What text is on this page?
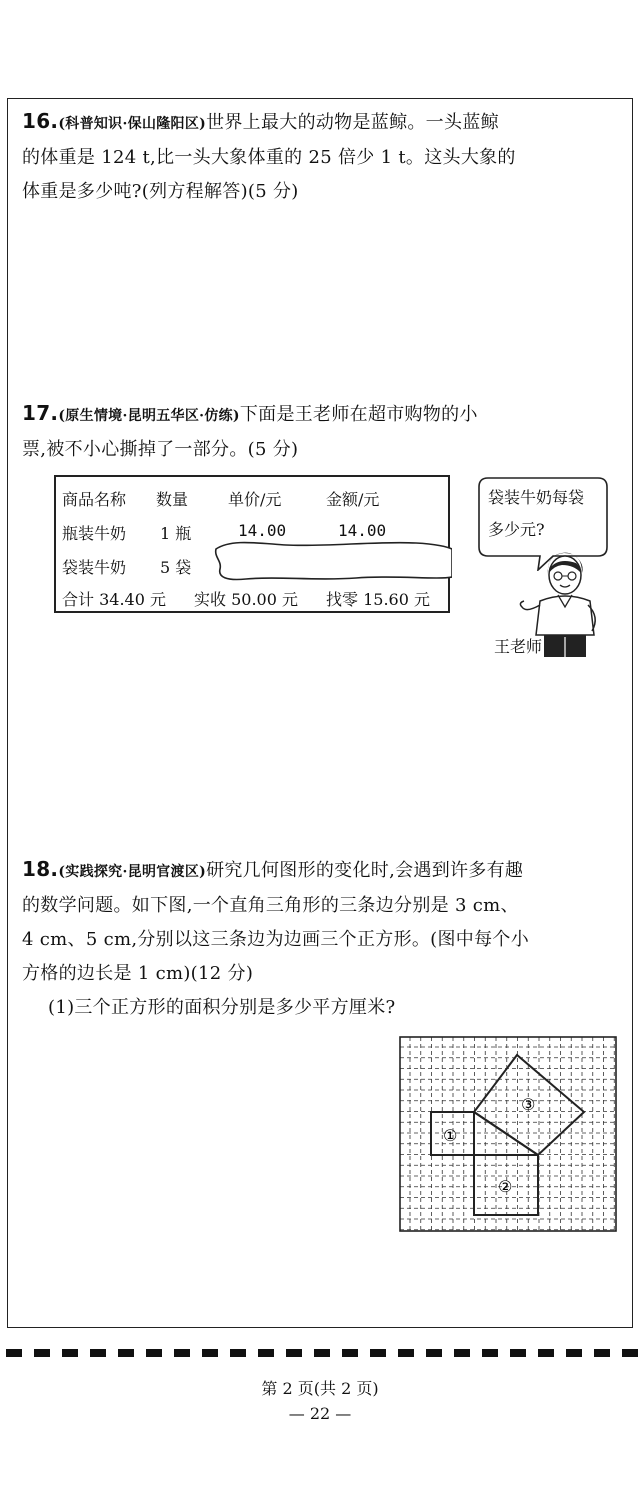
16.(科普知识·保山隆阳区)世界上最大的动物是蓝鲸。一头蓝鲸
的体重是 124 t,比一头大象体重的 25 倍少 1 t。这头大象的
体重是多少吨?(列方程解答)(5 分)
17.(原生情境·昆明五华区·仿练)下面是王老师在超市购物的小
票,被不小心撕掉了一部分。(5 分)
商品名称 数量 单价/元	金额/元
瓶装牛奶 1 瓶	14.00	14.00
袋装牛奶 5 袋
合计 34.40 元 实收 50.00 元 找零 15.60 元
袋装牛奶每袋
多少元?
王老师
18.(实践探究·昆明官渡区)研究几何图形的变化时,会遇到许多有趣
的数学问题。如下图,一个直角三角形的三条边分别是 3 cm、
4 cm、5 cm,分别以这三条边为边画三个正方形。(图中每个小
方格的边长是 1 cm)(12 分)
(1)三个正方形的面积分别是多少平方厘米?
①
②
③
第 2 页(共 2 页)
— 22 —
